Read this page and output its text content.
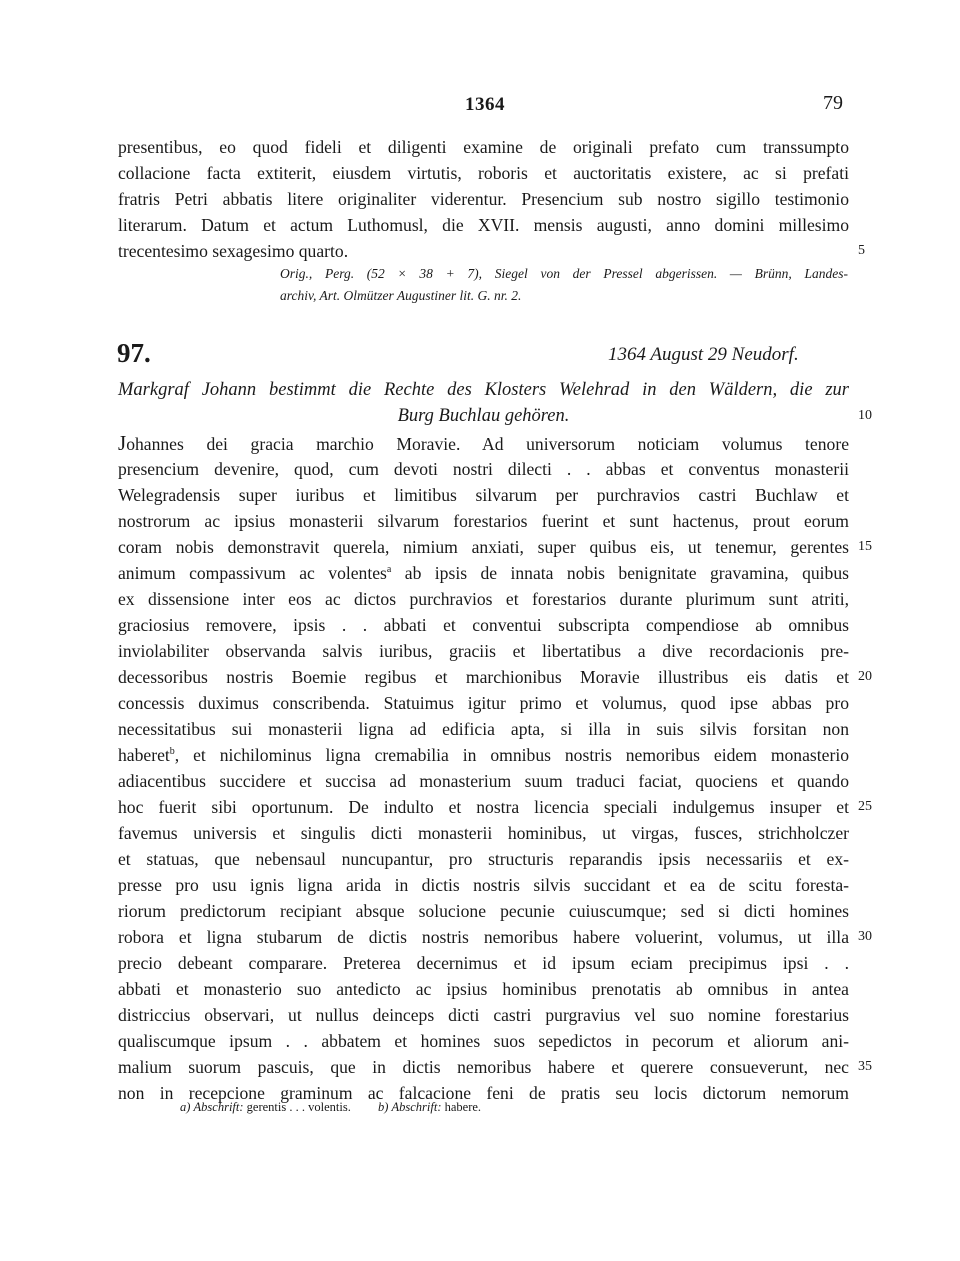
1364	79
presentibus, eo quod fideli et diligenti examine de originali prefato cum transsumpto
collacione facta extiterit, eiusdem virtutis, roboris et auctoritatis existere, ac si prefati
fratris Petri abbatis litere originaliter viderentur. Presencium sub nostro sigillo testimonio
literarum. Datum et actum Luthomusl, die XVII. mensis augusti, anno domini millesimo
trecentesimo sexagesimo quarto.	5
Orig., Perg. (52 × 38 + 7), Siegel von der Pressel abgerissen. — Brünn, Landes-
archiv, Art. Olmützer Augustiner lit. G. nr. 2.
97.	1364 August 29 Neudorf.
Markgraf Johann bestimmt die Rechte des Klosters Welehrad in den Wäldern, die zur
Burg Buchlau gehören.	10
Johannes dei gracia marchio Moravie. Ad universorum noticiam volumus tenore
presencium devenire, quod, cum devoti nostri dilecti . . abbas et conventus monasterii
Welegradensis super iuribus et limitibus silvarum per purchravios castri Buchlaw et
nostrorum ac ipsius monasterii silvarum forestarios fuerint et sunt hactenus, prout eorum
coram nobis demonstravit querela, nimium anxiati, super quibus eis, ut tenemur, gerentes 15
animum compassivum ac volentes$^a$ ab ipsis de innata nobis benignitate gravamina, quibus
ex dissensione inter eos ac dictos purchravios et forestarios durante plurimum sunt atriti,
graciosius removere, ipsis . . abbati et conventui subscripta compendiose ab omnibus
inviolabiliter observanda salvis iuribus, graciis et libertatibus a dive recordacionis pre-
decessoribus nostris Boemie regibus et marchionibus Moravie illustribus eis datis et 20
concessis duximus conscribenda. Statuimus igitur primo et volumus, quod ipse abbas pro
necessitatibus sui monasterii ligna ad edificia apta, si illa in suis silvis forsitan non
haberet$^b$, et nichilominus ligna cremabilia in omnibus nostris nemoribus eidem monasterio
adiacentibus succidere et succisa ad monasterium suum traduci faciat, quociens et quando
hoc fuerit sibi oportunum. De indulto et nostra licencia speciali indulgemus insuper et 25
favemus universis et singulis dicti monasterii hominibus, ut virgas, fusces, strichholczer
et statuas, que nebensaul nuncupantur, pro structuris reparandis ipsis necessariis et ex-
presse pro usu ignis ligna arida in dictis nostris silvis succidant et ea de scitu foresta-
riorum predictorum recipiant absque solucione pecunie cuiuscumque; sed si dicti homines
robora et ligna stubarum de dictis nostris nemoribus habere voluerint, volumus, ut illa 30
precio debeant comparare. Preterea decernimus et id ipsum eciam precipimus ipsi . .
abbati et monasterio suo antedicto ac ipsius hominibus prenotatis ab omnibus in antea
districcius observari, ut nullus deinceps dicti castri purgravius vel suo nomine forestarius
qualiscumque ipsum . . abbatem et homines suos sepedictos in pecorum et aliorum ani-
malium suorum pascuis, que in dictis nemoribus habere et querere consueverunt, nec 35
non in recepcione graminum ac falcacione feni de pratis seu locis dictorum nemorum
a) Abschrift: gerentis . . . volentis. b) Abschrift: habere.
